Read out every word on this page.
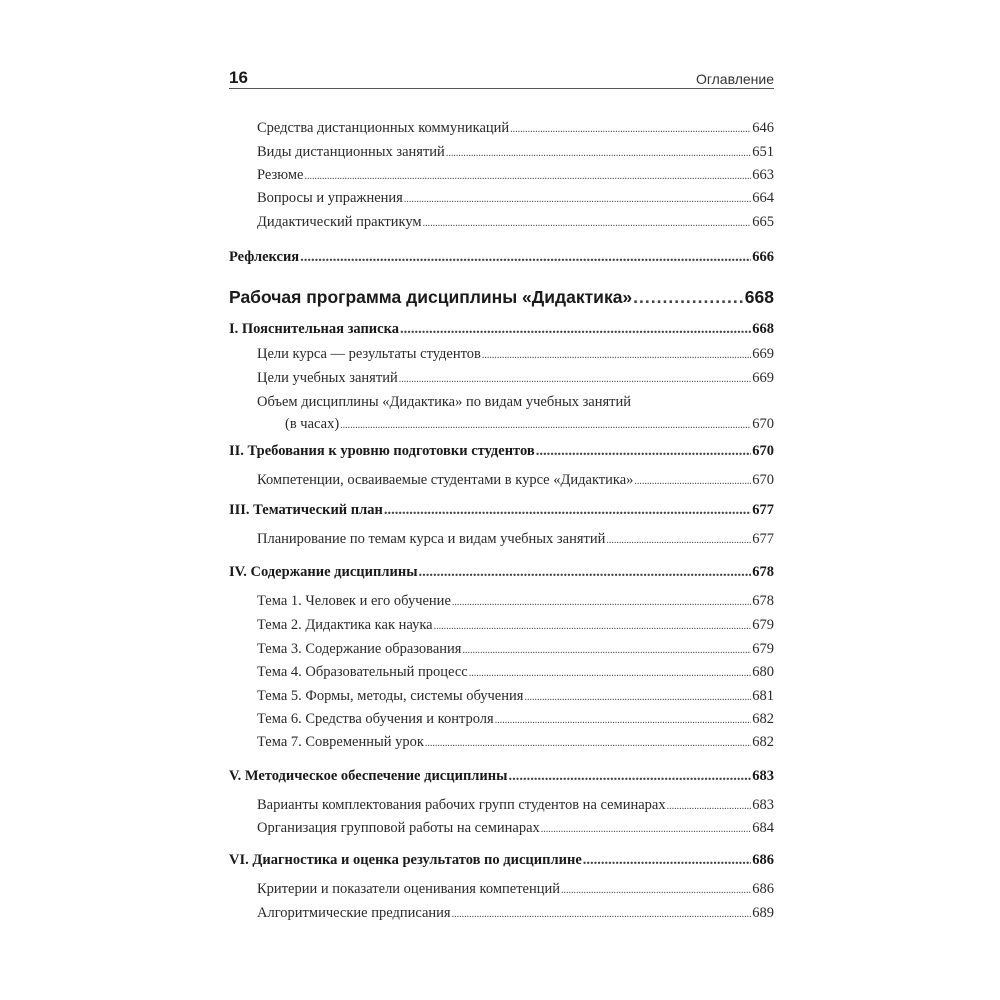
16	Оглавление
Средства дистанционных коммуникаций .....	646
Виды дистанционных занятий .....	651
Резюме .....	663
Вопросы и упражнения .....	664
Дидактический практикум .....	665
Рефлексия .....	666
Рабочая программа дисциплины «Дидактика» .....	668
I. Пояснительная записка .....	668
Цели курса — результаты студентов .....	669
Цели учебных занятий .....	669
Объем дисциплины «Дидактика» по видам учебных занятий
(в часах) .....	670
II. Требования к уровню подготовки студентов .....	670
Компетенции, осваиваемые студентами в курсе «Дидактика» .....	670
III. Тематический план .....	677
Планирование по темам курса и видам учебных занятий .....	677
IV. Содержание дисциплины .....	678
Тема 1. Человек и его обучение .....	678
Тема 2. Дидактика как наука .....	679
Тема 3. Содержание образования .....	679
Тема 4. Образовательный процесс .....	680
Тема 5. Формы, методы, системы обучения .....	681
Тема 6. Средства обучения и контроля .....	682
Тема 7. Современный урок .....	682
V. Методическое обеспечение дисциплины .....	683
Варианты комплектования рабочих групп студентов на семинарах .....	683
Организация групповой работы на семинарах .....	684
VI. Диагностика и оценка результатов по дисциплине .....	686
Критерии и показатели оценивания компетенций .....	686
Алгоритмические предписания .....	689
